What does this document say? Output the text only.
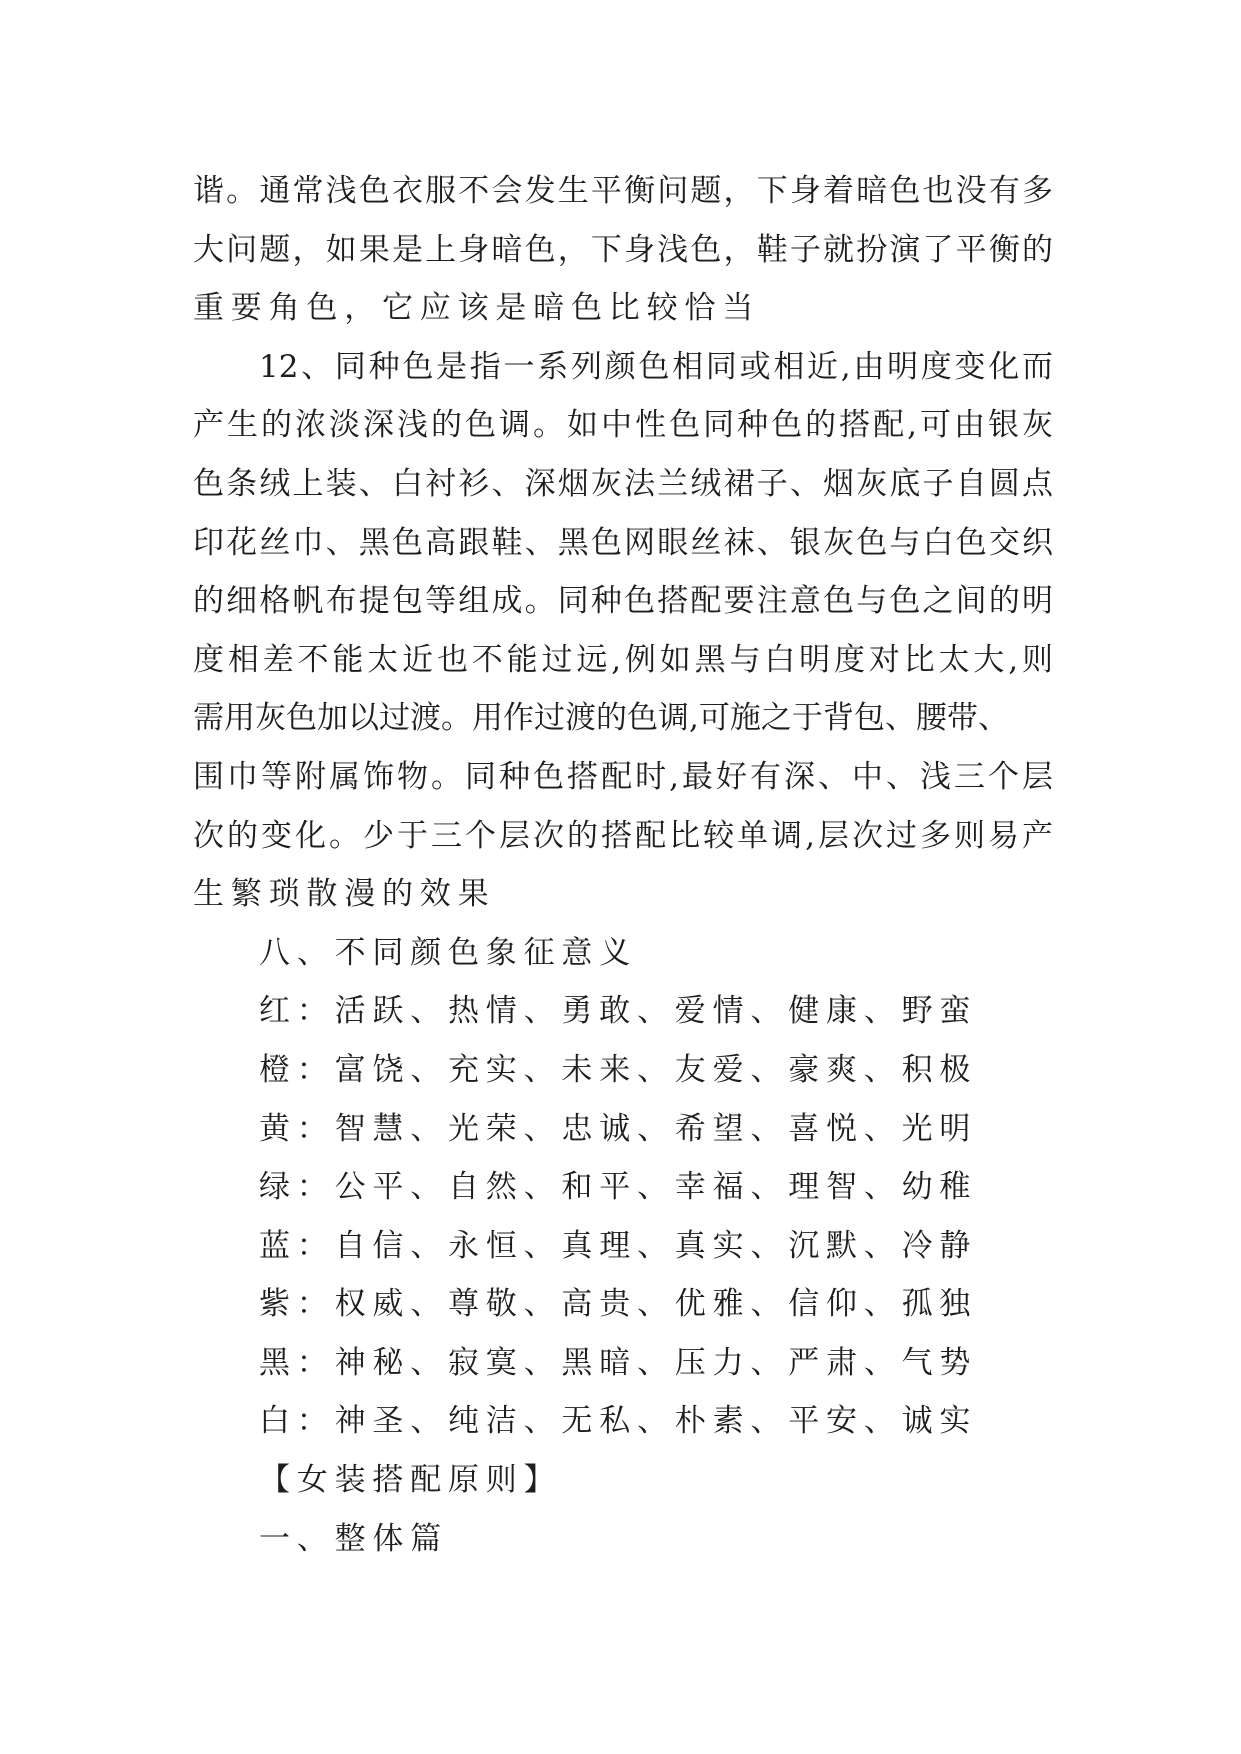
谐。通常浅色衣服不会发生平衡问题，下身着暗色也没有多
大问题，如果是上身暗色，下身浅色，鞋子就扮演了平衡的
重要角色，它应该是暗色比较恰当
12、同种色是指一系列颜色相同或相近,由明度变化而
产生的浓淡深浅的色调。如中性色同种色的搭配,可由银灰
色条绒上装、白衬衫、深烟灰法兰绒裙子、烟灰底子自圆点
印花丝巾、黑色高跟鞋、黑色网眼丝袜、银灰色与白色交织
的细格帆布提包等组成。同种色搭配要注意色与色之间的明
度相差不能太近也不能过远,例如黑与白明度对比太大,则
需用灰色加以过渡。用作过渡的色调,可施之于背包、腰带、
围巾等附属饰物。同种色搭配时,最好有深、中、浅三个层
次的变化。少于三个层次的搭配比较单调,层次过多则易产
生繁琐散漫的效果
八、不同颜色象征意义
红：活跃、热情、勇敢、爱情、健康、野蛮
橙：富饶、充实、未来、友爱、豪爽、积极
黄：智慧、光荣、忠诚、希望、喜悦、光明
绿：公平、自然、和平、幸福、理智、幼稚
蓝：自信、永恒、真理、真实、沉默、冷静
紫：权威、尊敬、高贵、优雅、信仰、孤独
黑：神秘、寂寞、黑暗、压力、严肃、气势
白：神圣、纯洁、无私、朴素、平安、诚实
【女装搭配原则】
一、整体篇
